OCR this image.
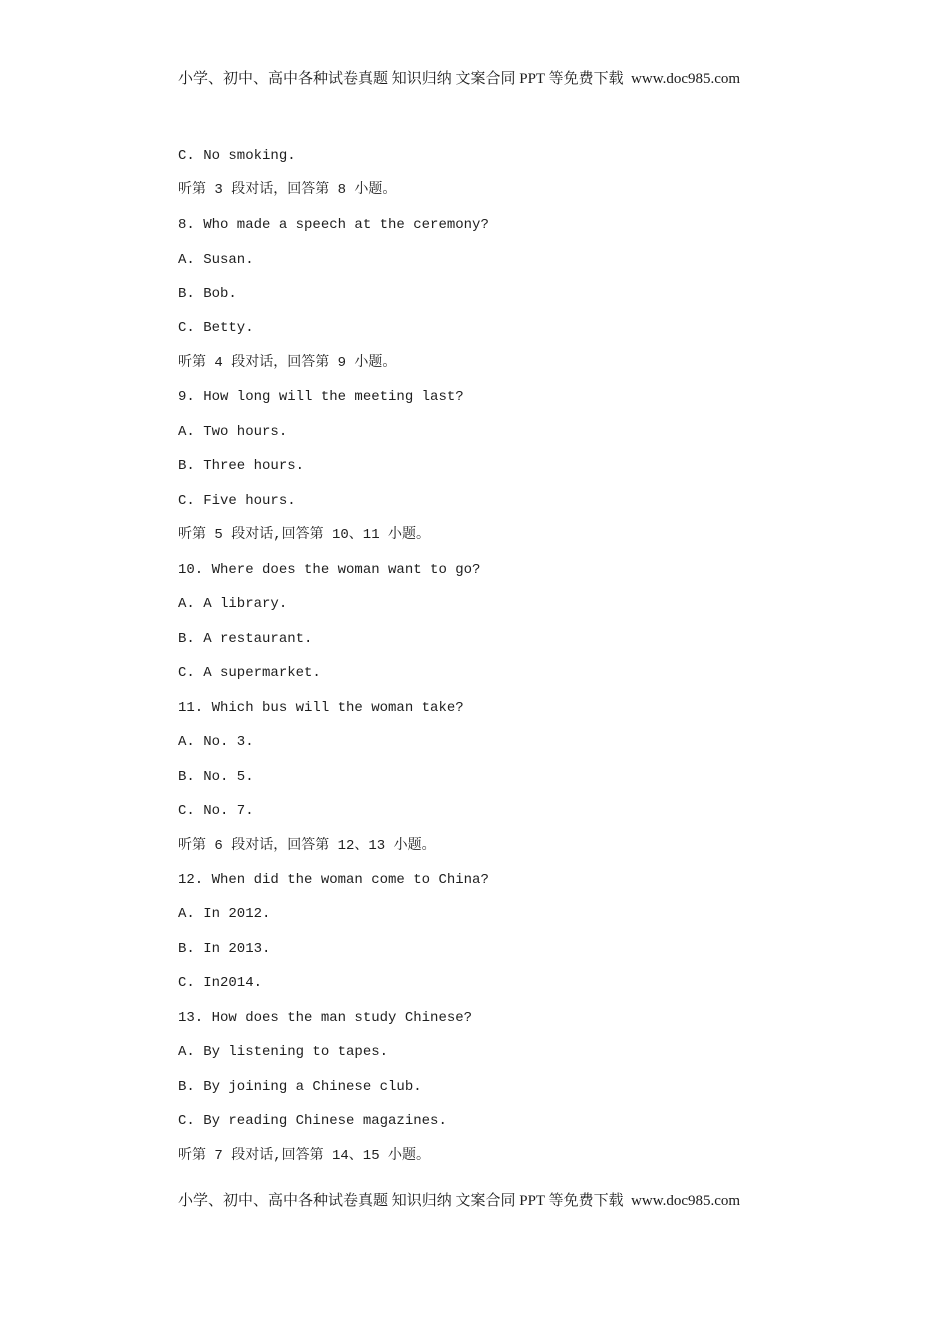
小学、初中、高中各种试卷真题 知识归纳 文案合同 PPT 等免费下载  www.doc985.com
C. No smoking.
听第 3 段对话，回答第 8 小题。
8. Who made a speech at the ceremony?
A. Susan.
B. Bob.
C. Betty.
听第 4 段对话，回答第 9 小题。
9. How long will the meeting last?
A. Two hours.
B. Three hours.
C. Five hours.
听第 5 段对话,回答第 10、11 小题。
10. Where does the woman want to go?
A. A library.
B. A restaurant.
C. A supermarket.
11. Which bus will the woman take?
A. No. 3.
B. No. 5.
C. No. 7.
听第 6 段对话，回答第 12、13 小题。
12. When did the woman come to China?
A. In 2012.
B. In 2013.
C. In2014.
13. How does the man study Chinese?
A. By listening to tapes.
B. By joining a Chinese club.
C. By reading Chinese magazines.
听第 7 段对话,回答第 14、15 小题。
小学、初中、高中各种试卷真题 知识归纳 文案合同 PPT 等免费下载  www.doc985.com
